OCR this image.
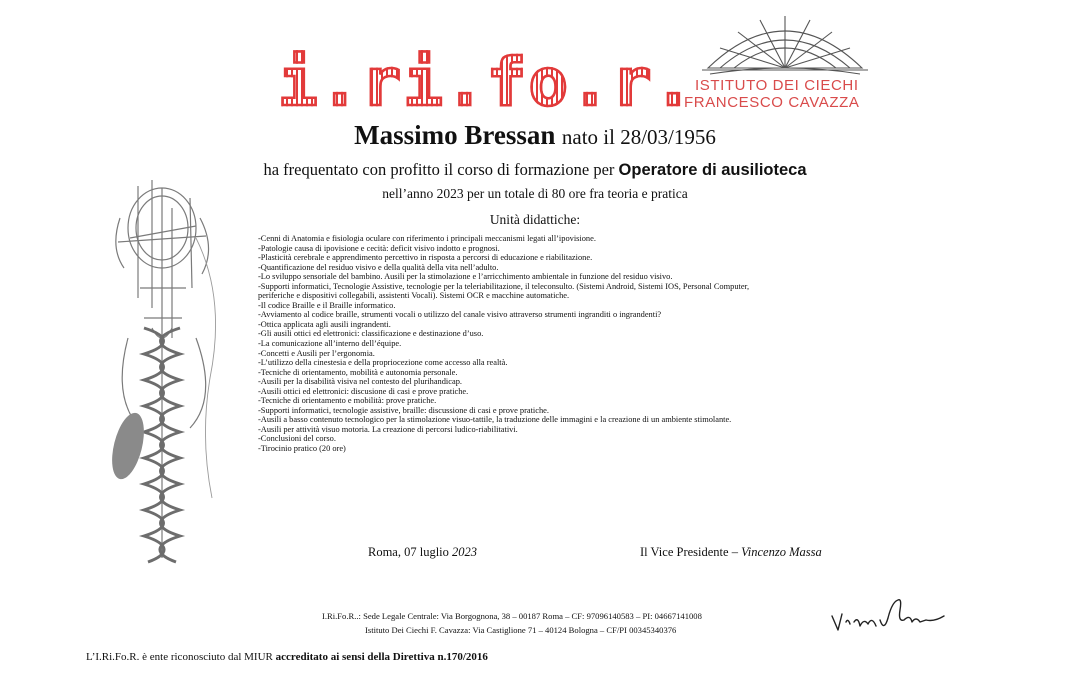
i.ri.fo.r. ISTITUTO DEI CIECHI
FRANCESCO CAVAZZA
Massimo Bressan nato il 28/03/1956
ha frequentato con profitto il corso di formazione per Operatore di ausilioteca
nell’anno 2023 per un totale di 80 ore fra teoria e pratica
Unità didattiche:
-Cenni di Anatomia e fisiologia oculare con riferimento i principali meccanismi legati all’ipovisione.
-Patologie causa di ipovisione e cecità: deficit visivo indotto e prognosi.
-Plasticità cerebrale e apprendimento percettivo in risposta a percorsi di educazione e riabilitazione.
-Quantificazione del residuo visivo e della qualità della vita nell’adulto.
-Lo sviluppo sensoriale del bambino. Ausili per la stimolazione e l’arricchimento ambientale in funzione del residuo visivo.
-Supporti informatici, Tecnologie Assistive, tecnologie per la teleriabilitazione, il teleconsulto. (Sistemi Android, Sistemi IOS, Personal Computer,
periferiche e dispositivi collegabili, assistenti Vocali). Sistemi OCR e macchine automatiche.
-Il codice Braille e il Braille informatico.
-Avviamento al codice braille, strumenti vocali o utilizzo del canale visivo attraverso strumenti ingranditi o ingrandenti?
-Ottica applicata agli ausili ingrandenti.
-Gli ausili ottici ed elettronici: classificazione e destinazione d’uso.
-La comunicazione all’interno dell’équipe.
-Concetti e Ausili per l’ergonomia.
-L’utilizzo della cinestesia e della propriocezione come accesso alla realtà.
-Tecniche di orientamento, mobilità e autonomia personale.
-Ausili per la disabilità visiva nel contesto del plurihandicap.
-Ausili ottici ed elettronici: discusione di casi e prove pratiche.
-Tecniche di orientamento e mobilità: prove pratiche.
-Supporti informatici, tecnologie assistive, braille: discussione di casi e prove pratiche.
-Ausili a basso contenuto tecnologico per la stimolazione visuo-tattile, la traduzione delle immagini e la creazione di un ambiente stimolante.
-Ausili per attività visuo motoria. La creazione di percorsi ludico-riabilitativi.
-Conclusioni del corso.
-Tirocinio pratico (20 ore)
Roma, 07 luglio 2023	Il Vice Presidente – Vincenzo Massa
I.Ri.Fo.R..: Sede Legale Centrale: Via Borgognona, 38 – 00187 Roma – CF: 97096140583 – PI: 04667141008
Istituto Dei Ciechi F. Cavazza: Via Castiglione 71 – 40124 Bologna – CF/PI 00345340376
L’I.Ri.Fo.R. è ente riconosciuto dal MIUR accreditato ai sensi della Direttiva n.170/2016
